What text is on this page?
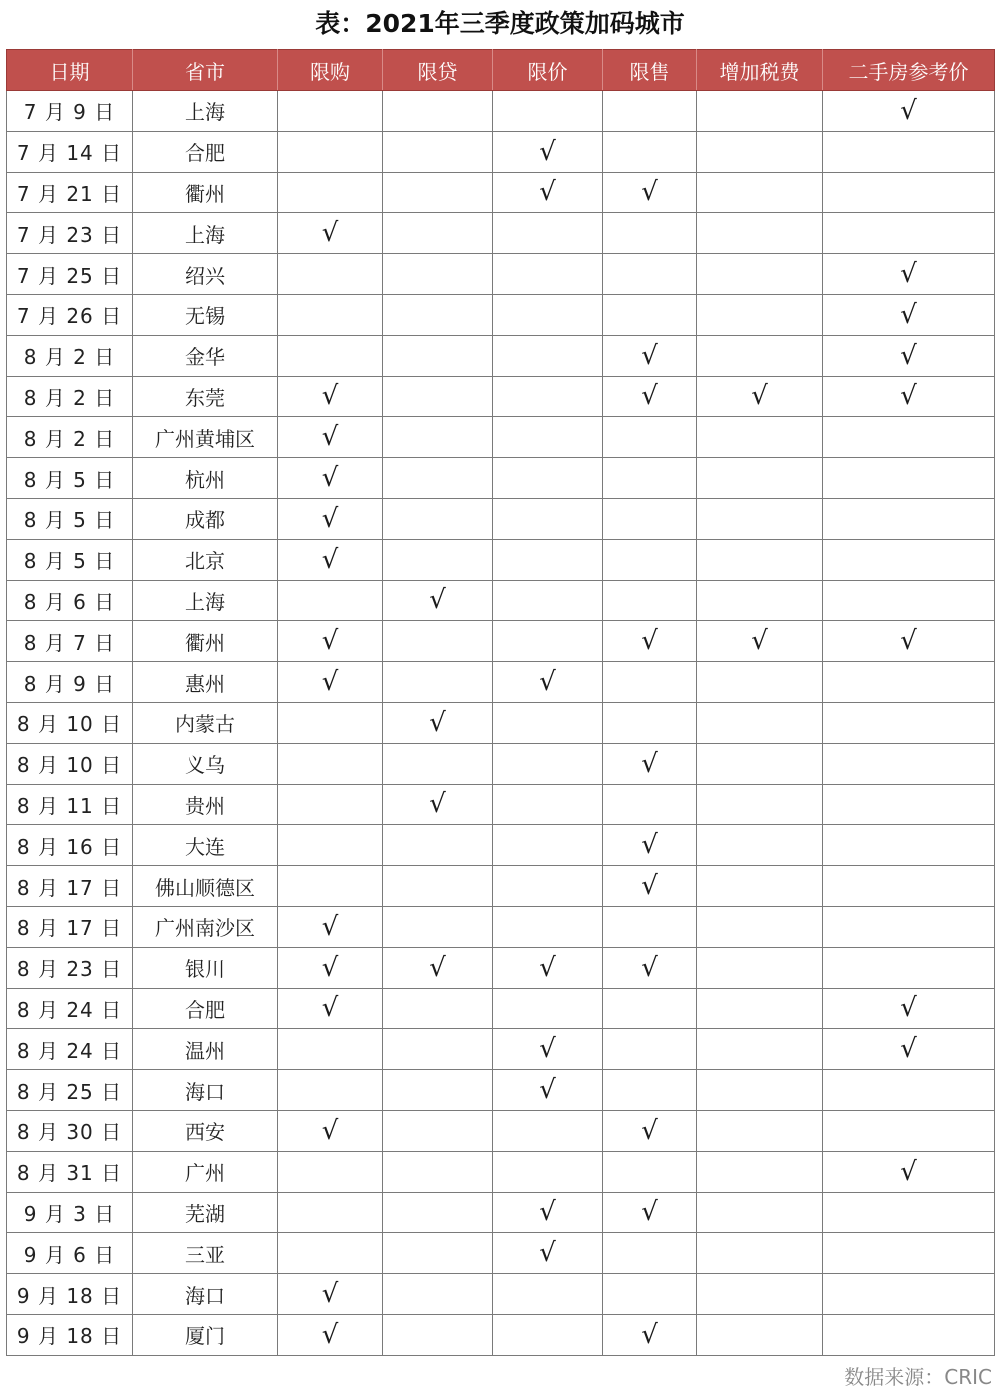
表：2021年三季度政策加码城市
日期	省市	限购	限贷	限价	限售	增加税费	二手房参考价
7 月 9 日	上海						√
7 月 14 日	合肥			√			
7 月 21 日	衢州			√	√		
7 月 23 日	上海	√					
7 月 25 日	绍兴						√
7 月 26 日	无锡						√
8 月 2 日	金华				√		√
8 月 2 日	东莞	√			√	√	√
8 月 2 日	广州黄埔区	√					
8 月 5 日	杭州	√					
8 月 5 日	成都	√					
8 月 5 日	北京	√					
8 月 6 日	上海		√				
8 月 7 日	衢州	√			√	√	√
8 月 9 日	惠州	√		√			
8 月 10 日	内蒙古		√				
8 月 10 日	义乌				√		
8 月 11 日	贵州		√				
8 月 16 日	大连				√		
8 月 17 日	佛山顺德区				√		
8 月 17 日	广州南沙区	√					
8 月 23 日	银川	√	√	√	√		
8 月 24 日	合肥	√					√
8 月 24 日	温州			√			√
8 月 25 日	海口			√			
8 月 30 日	西安	√			√		
8 月 31 日	广州						√
9 月 3 日	芜湖			√	√		
9 月 6 日	三亚			√			
9 月 18 日	海口	√					
9 月 18 日	厦门	√			√		
数据来源：CRIC
